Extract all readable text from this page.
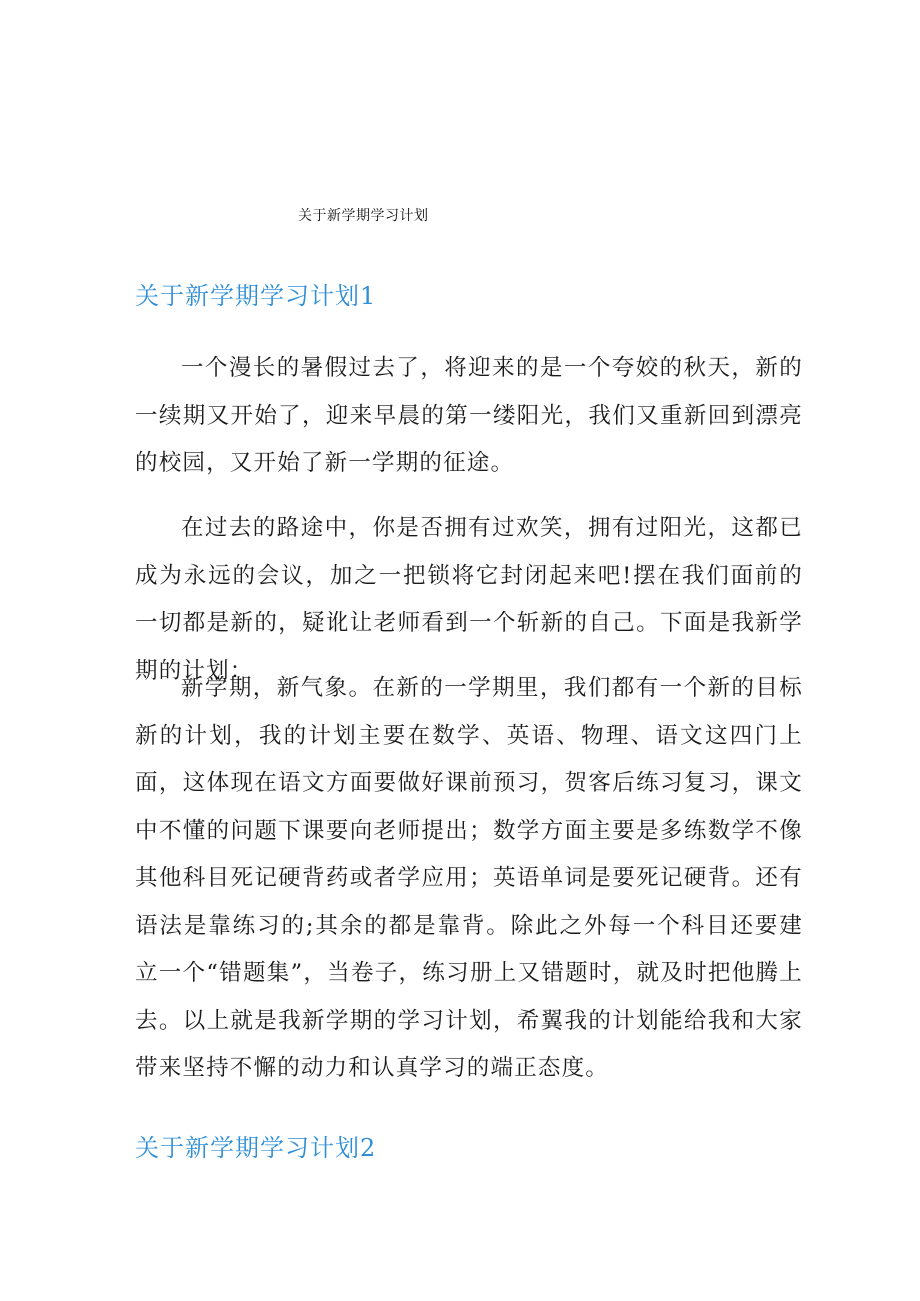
关于新学期学习计划
关于新学期学习计划1

一个漫长的暑假过去了，将迎来的是一个夸姣的秋天，新的一续期又开始了，迎来早晨的第一缕阳光，我们又重新回到漂亮的校园，又开始了新一学期的征途。

在过去的路途中，你是否拥有过欢笑，拥有过阳光，这都已成为永远的会议，加之一把锁将它封闭起来吧!摆在我们面前的一切都是新的，疑讹让老师看到一个斩新的自己。下面是我新学期的计划：

新学期，新气象。在新的一学期里，我们都有一个新的目标新的计划，我的计划主要在数学、英语、物理、语文这四门上面，这体现在语文方面要做好课前预习，贺客后练习复习，课文中不懂的问题下课要向老师提出；数学方面主要是多练数学不像其他科目死记硬背药或者学应用；英语单词是要死记硬背。还有语法是靠练习的;其余的都是靠背。除此之外每一个科目还要建立一个“错题集”，当卷子，练习册上又错题时，就及时把他腾上去。以上就是我新学期的学习计划，希翼我的计划能给我和大家带来坚持不懈的动力和认真学习的端正态度。

关于新学期学习计划2
